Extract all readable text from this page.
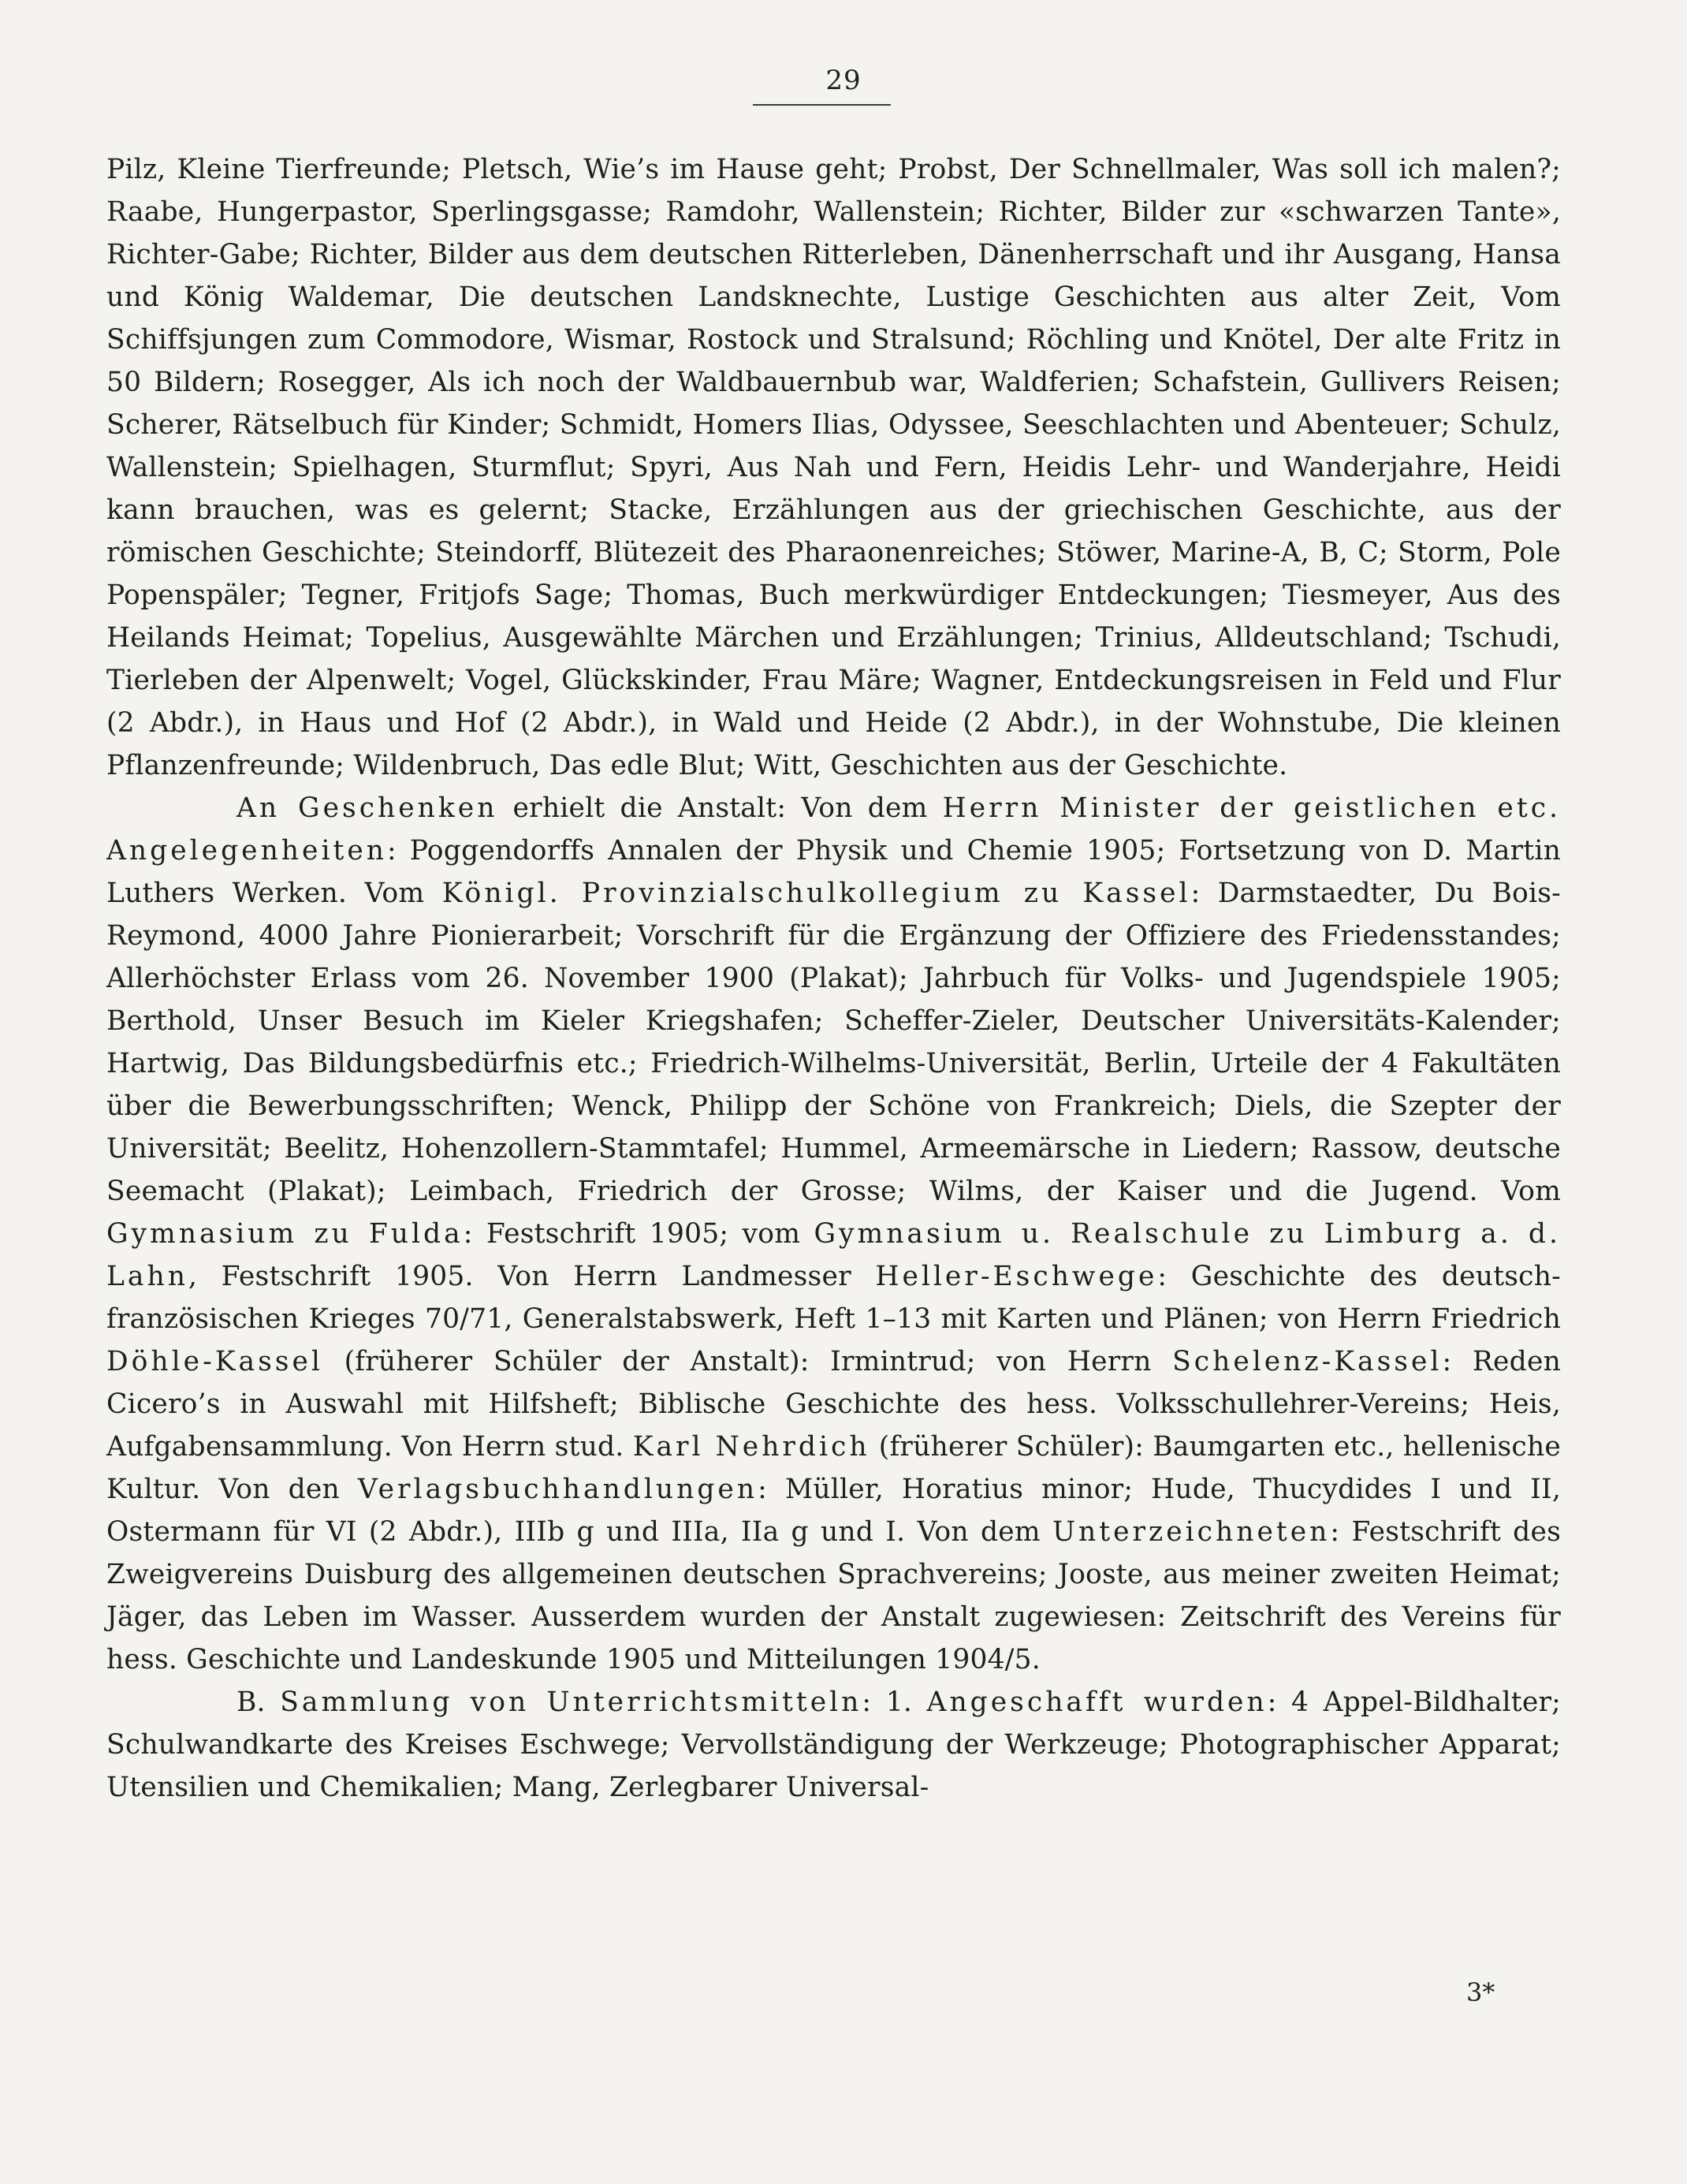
29

Pilz, Kleine Tierfreunde; Pletsch, Wie’s im Hause geht; Probst, Der Schnellmaler, Was soll ich malen?; Raabe, Hungerpastor, Sperlingsgasse; Ramdohr, Wallenstein; Richter, Bilder zur «schwarzen Tante», Richter-Gabe; Richter, Bilder aus dem deutschen Ritterleben, Dänenherrschaft und ihr Ausgang, Hansa und König Waldemar, Die deutschen Landsknechte, Lustige Geschichten aus alter Zeit, Vom Schiffsjungen zum Commodore, Wismar, Rostock und Stralsund; Röchling und Knötel, Der alte Fritz in 50 Bildern; Rosegger, Als ich noch der Waldbauernbub war, Waldferien; Schafstein, Gullivers Reisen; Scherer, Rätselbuch für Kinder; Schmidt, Homers Ilias, Odyssee, Seeschlachten und Abenteuer; Schulz, Wallenstein; Spielhagen, Sturmflut; Spyri, Aus Nah und Fern, Heidis Lehr- und Wanderjahre, Heidi kann brauchen, was es gelernt; Stacke, Erzählungen aus der griechischen Geschichte, aus der römischen Geschichte; Steindorff, Blütezeit des Pharaonenreiches; Stöwer, Marine-A, B, C; Storm, Pole Popenspäler; Tegner, Fritjofs Sage; Thomas, Buch merkwürdiger Entdeckungen; Tiesmeyer, Aus des Heilands Heimat; Topelius, Ausgewählte Märchen und Erzählungen; Trinius, Alldeutschland; Tschudi, Tierleben der Alpenwelt; Vogel, Glückskinder, Frau Märe; Wagner, Entdeckungsreisen in Feld und Flur (2 Abdr.), in Haus und Hof (2 Abdr.), in Wald und Heide (2 Abdr.), in der Wohnstube, Die kleinen Pflanzenfreunde; Wildenbruch, Das edle Blut; Witt, Geschichten aus der Geschichte.

An Geschenken erhielt die Anstalt: Von dem Herrn Minister der geistlichen etc. Angelegenheiten: Poggendorffs Annalen der Physik und Chemie 1905; Fortsetzung von D. Martin Luthers Werken. Vom Königl. Provinzialschulkollegium zu Kassel: Darmstaedter, Du Bois-Reymond, 4000 Jahre Pionierarbeit; Vorschrift für die Ergänzung der Offiziere des Friedensstandes; Allerhöchster Erlass vom 26. November 1900 (Plakat); Jahrbuch für Volks- und Jugendspiele 1905; Berthold, Unser Besuch im Kieler Kriegshafen; Scheffer-Zieler, Deutscher Universitäts-Kalender; Hartwig, Das Bildungsbedürfnis etc.; Friedrich-Wilhelms-Universität, Berlin, Urteile der 4 Fakultäten über die Bewerbungsschriften; Wenck, Philipp der Schöne von Frankreich; Diels, die Szepter der Universität; Beelitz, Hohenzollern-Stammtafel; Hummel, Armeemärsche in Liedern; Rassow, deutsche Seemacht (Plakat); Leimbach, Friedrich der Grosse; Wilms, der Kaiser und die Jugend. Vom Gymnasium zu Fulda: Festschrift 1905; vom Gymnasium u. Realschule zu Limburg a. d. Lahn, Festschrift 1905. Von Herrn Landmesser Heller-Eschwege: Geschichte des deutsch-französischen Krieges 70/71, Generalstabswerk, Heft 1–13 mit Karten und Plänen; von Herrn Friedrich Döhle-Kassel (früherer Schüler der Anstalt): Irmintrud; von Herrn Schelenz-Kassel: Reden Cicero’s in Auswahl mit Hilfsheft; Biblische Geschichte des hess. Volksschullehrer-Vereins; Heis, Aufgabensammlung. Von Herrn stud. Karl Nehrdich (früherer Schüler): Baumgarten etc., hellenische Kultur. Von den Verlagsbuchhandlungen: Müller, Horatius minor; Hude, Thucydides I und II, Ostermann für VI (2 Abdr.), IIIb g und IIIa, IIa g und I. Von dem Unterzeichneten: Festschrift des Zweigvereins Duisburg des allgemeinen deutschen Sprachvereins; Jooste, aus meiner zweiten Heimat; Jäger, das Leben im Wasser. Ausserdem wurden der Anstalt zugewiesen: Zeitschrift des Vereins für hess. Geschichte und Landeskunde 1905 und Mitteilungen 1904/5.

B. Sammlung von Unterrichtsmitteln: 1. Angeschafft wurden: 4 Appel-Bildhalter; Schulwandkarte des Kreises Eschwege; Vervollständigung der Werkzeuge; Photographischer Apparat; Utensilien und Chemikalien; Mang, Zerlegbarer Universal-

3*
